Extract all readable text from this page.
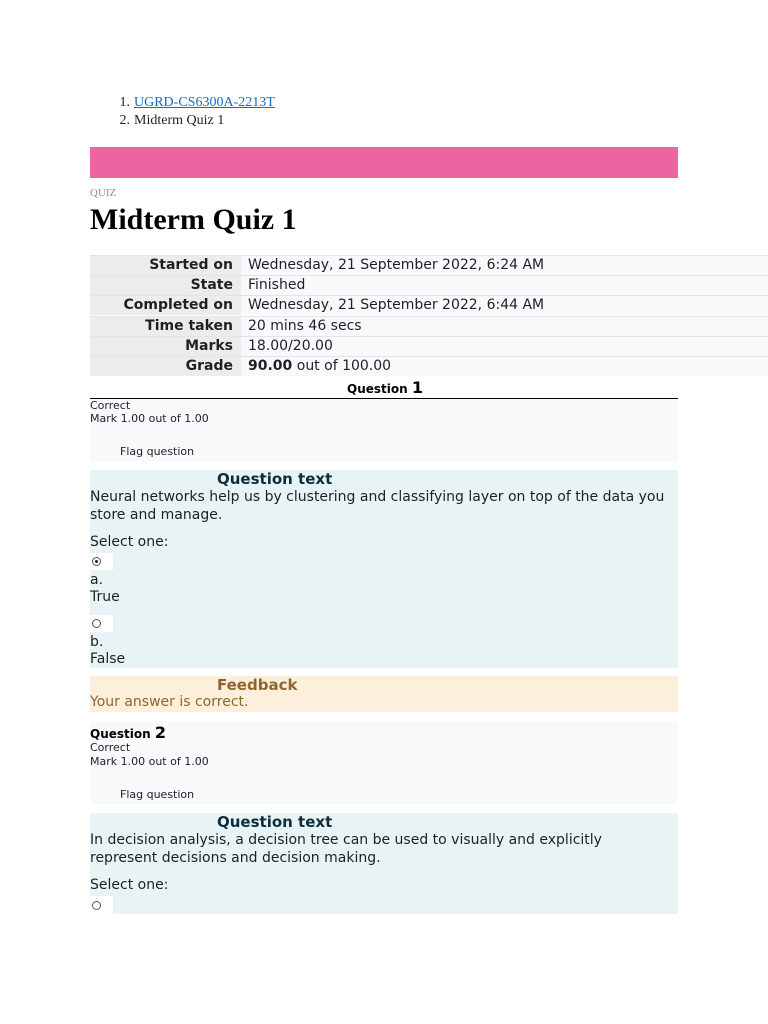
1. UGRD-CS6300A-2213T
2. Midterm Quiz 1
QUIZ
Midterm Quiz 1
Started on	Wednesday, 21 September 2022, 6:24 AM
State	Finished
Completed on	Wednesday, 21 September 2022, 6:44 AM
Time taken	20 mins 46 secs
Marks	18.00/20.00
Grade	90.00 out of 100.00
Question 1
Correct
Mark 1.00 out of 1.00
Flag question
Question text
Neural networks help us by clustering and classifying layer on top of the data you store and manage.
Select one:
a.
True
b.
False
Feedback
Your answer is correct.
Question 2
Correct
Mark 1.00 out of 1.00
Flag question
Question text
In decision analysis, a decision tree can be used to visually and explicitly represent decisions and decision making.
Select one:
